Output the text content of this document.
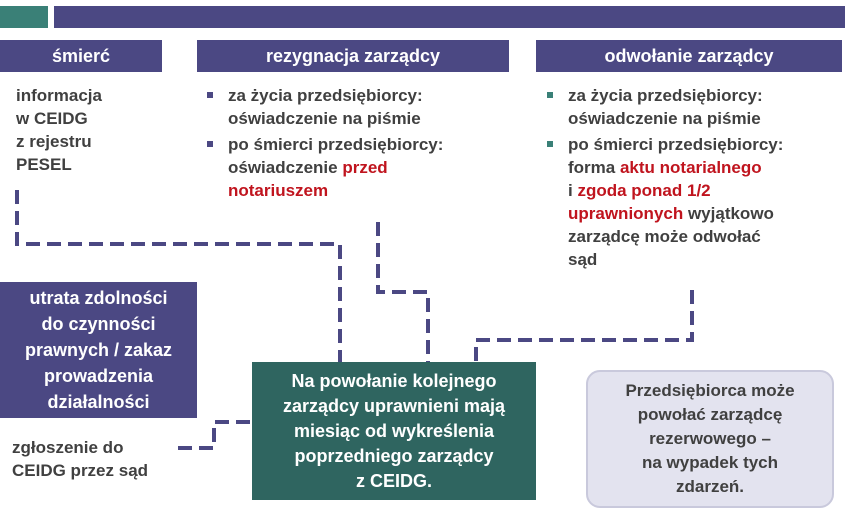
śmierć	rezygnacja zarządcy	odwołanie zarządcy
informacja
w CEIDG
z rejestru
PESEL
za życia przedsiębiorcy:
oświadczenie na piśmie
po śmierci przedsiębiorcy:
oświadczenie przed
notariuszem
za życia przedsiębiorcy:
oświadczenie na piśmie
po śmierci przedsiębiorcy:
forma aktu notarialnego
i zgoda ponad 1/2
uprawnionych wyjątkowo
zarządcę może odwołać
sąd
utrata zdolności
do czynności
prawnych / zakaz
prowadzenia
działalności
zgłoszenie do
CEIDG przez sąd
Na powołanie kolejnego
zarządcy uprawnieni mają
miesiąc od wykreślenia
poprzedniego zarządcy
z CEIDG.
Przedsiębiorca może
powołać zarządcę
rezerwowego –
na wypadek tych
zdarzeń.
